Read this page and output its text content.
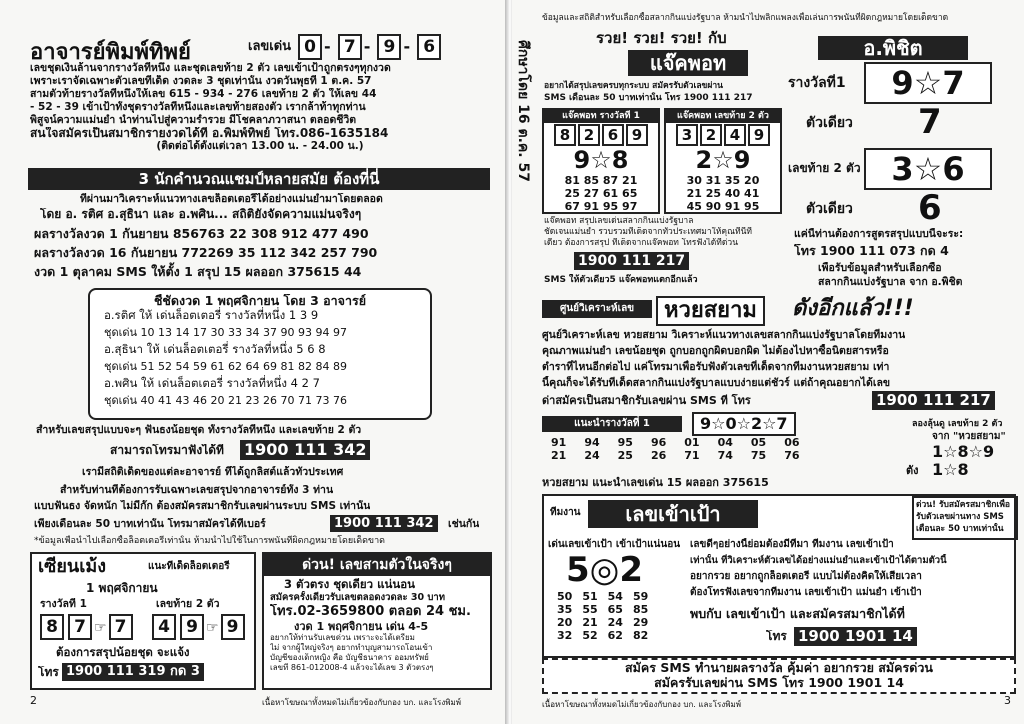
อาจารย์พิมพ์ทิพย์	เลขเด่น 0 - 7 - 9 - 6
เลขชุดเงินล้านจากรางวัลที่หนึ่ง และชุดเลขท้าย 2 ตัว เลขเข้าเป้าถูกตรงๆทุกงวด
เพราะเราจัดเฉพาะตัวเลขที่เด็ด งวดละ 3 ชุดเท่านั้น งวดวันพุธที่ 1 ต.ค. 57
สามตัวท้ายรางวัลที่หนึ่งให้เลข 615 - 934 - 276 เลขท้าย 2 ตัว ให้เลข 44
- 52 - 39 เข้าเป้าทั้งชุดรางวัลที่หนึ่งและเลขท้ายสองตัว เรากล้าท้าทุกท่าน
พิสูจน์ความแม่นยำ นำท่านไปสู่ความร่ำรวย มีโชคลาภวาสนา ตลอดชีวิต
สนใจสมัครเป็นสมาชิกรายงวดได้ที่ อ.พิมพ์ทิพย์ โทร.086-1635184
(ติดต่อได้ตั้งแต่เวลา 13.00 น. - 24.00 น.)
3 นักคำนวณแชมป์หลายสมัย ต้องที่นี่
ที่ผ่านมาวิเคราะห์แนวทางเลขล็อตเตอรี่ได้อย่างแม่นยำมาโดยตลอด
โดย อ. รติศ อ.สุธินา และ อ.พศิน... สถิติยังจัดความแม่นจริงๆ
ผลรางวัลงวด 1 กันยายน 856763 22 308 912 477 490
ผลรางวัลงวด 16 กันยายน 772269 35 112 342 257 790
งวด 1 ตุลาคม SMS ให้ตั้ง 1 สรุป 15 ผลออก 375615 44
ชี้ชัดงวด 1 พฤศจิกายน โดย 3 อาจารย์
อ.รติศ ให้ เด่นล็อตเตอรี่ รางวัลที่หนึ่ง 1 3 9
ชุดเด่น 10 13 14 17 30 33 34 37 90 93 94 97
อ.สุธินา ให้ เด่นล็อตเตอรี่ รางวัลที่หนึ่ง 5 6 8
ชุดเด่น 51 52 54 59 61 62 64 69 81 82 84 89
อ.พศิน ให้ เด่นล็อตเตอรี่ รางวัลที่หนึ่ง 4 2 7
ชุดเด่น 40 41 43 46 20 21 23 26 70 71 73 76
สำหรับเลขสรุปแบบจะๆ ฟันธงน้อยชุด ทั้งรางวัลที่หนึ่ง และเลขท้าย 2 ตัว
สามารถโทรมาฟังได้ที่ 1900 111 342
เรามีสถิติเด็ดของแต่ละอาจารย์ ที่ได้ถูกลิสต์แล้วทั่วประเทศ
สำหรับท่านที่ต้องการรับเฉพาะเลขสรุปจากอาจารย์ทั้ง 3 ท่าน
แบบฟันธง จัดหนัก ไม่มีกั๊ก ต้องสมัครสมาชิกรับเลขผ่านระบบ SMS เท่านั้น
เพียงเดือนละ 50 บาทเท่านั้น โทรมาสมัครได้ที่เบอร์	1900 111 342	เช่นกัน
*ข้อมูลเพื่อนำไปเลือกซื้อล็อตเตอรี่เท่านั้น ห้ามนำไปใช้ในการพนันที่ผิดกฎหมายโดยเด็ดขาด
เซียนเม้ง	แนะทีเด็ดล็อตเตอรี่
1 พฤศจิกายน
รางวัลที่ 1	เลขท้าย 2 ตัว
8 7 ☞ 7	4 9 ☞ 9
ต้องการสรุปน้อยชุด จะแจ้ง
โทร 1900 111 319 กด 3
ด่วน! เลขสามตัวในจริงๆ
3 ตัวตรง ชุดเดียว แน่นอน
สมัครครั้งเดียวรับเลขตลอดงวดละ 30 บาท
โทร.02-3659800 ตลอด 24 ชม.
งวด 1 พฤศจิกายน เด่น 4-5
อยากให้ท่านรับเลขด่วน เพราะจะได้เตรียม
ไม่ จากผู้ใหญ่จริงๆ อยากทำบุญสามารถโอนเข้า
บัญชีของเด็กหญิง คือ บัญชีธนาคาร ออมทรัพย์
เลขที่ 861-012008-4 แล้วจะได้เลข 3 ตัวตรงๆ
2	เนื้อหาโฆษณาทั้งหมดไม่เกี่ยวข้องกับกอง บก. และโรงพิมพ์
ข้อมูลและสถิติสำหรับเลือกซื้อสลากกินแบ่งรัฐบาล ห้ามนำไปพลิกแพลงเพื่อเล่นการพนันที่ผิดกฎหมายโดยเด็ดขาด
ศึกษาโดย 16 ต.ค. 57
รวย! รวย! รวย! กับ
แจ๊คพอท
อยากได้สรุปเลขครบทุกระบบ สมัครรับตัวเลขผ่าน
SMS เดือนละ 50 บาทเท่านั้น โทร 1900 111 217
แจ๊คพอท รางวัลที่ 1
8 2 6 9
9☆8
81 85 87 21
25 27 61 65
67 91 95 97
แจ๊คพอท เลขท้าย 2 ตัว
3 2 4 9
2☆9
30 31 35 20
21 25 40 41
45 90 91 95
แจ๊คพอท สรุปเลขเด่นสลากกินแบ่งรัฐบาล
ชัดเจนแม่นยำ รวบรวมทีเด็ดจากทั่วประเทศมาให้คุณที่นี่ที่
เดียว ต้องการสรุป ทีเด็ดจากแจ๊คพอท โทรฟังได้ที่ด่วน
1900 111 217
SMS ให้ตัวเดียว5 แจ๊คพอทแตกอีกแล้ว
อ.พิชิต
รางวัลที่1	9☆7
ตัวเดียว 7
เลขท้าย 2 ตัว 3☆6
ตัวเดียว 6
แค่นี้ท่านต้องการสูตรสรุปแบบนี้จะระ:
โทร 1900 111 073 กด 4
เพื่อรับข้อมูลสำหรับเลือกซื้อ
สลากกินแบ่งรัฐบาล จาก อ.พิชิต
ศูนย์วิเคราะห์เลข	หวยสยาม	ดังอีกแล้ว!!!
ศูนย์วิเคราะห์เลข หวยสยาม วิเคราะห์แนวทางเลขสลากกินแบ่งรัฐบาลโดยทีมงาน
คุณภาพแม่นยำ เลขน้อยชุด ถูกบอกถูกผิดบอกผิด ไม่ต้องไปหาซื้อนิตยสารหรือ
ตำราที่ไหนอีกต่อไป แค่โทรมาเพื่อรับฟังตัวเลขที่เด็ดจากทีมงานหวยสยาม เท่า
นี้คุณก็จะได้รับทีเด็ดสลากกินแบ่งรัฐบาลแบบง่ายแต่ชัวร์ แต่ถ้าคุณอยากได้เลข
ด่าสมัครเป็นสมาชิกรับเลขผ่าน SMS ที่ โทร	1900 111 217
แนะนำรางวัลที่ 1	9☆0☆2☆7
91	94	95	96	01	04	05	06
21	24	25	26	71	74	75	76
ลองลุ้นดู เลขท้าย 2 ตัว
จาก "หวยสยาม"
1☆8☆9
ตัง 1☆8
หวยสยาม แนะนำเลขเด่น 15 ผลออก 375615
ทีมงาน	เลขเข้าเป้า	ด่วน! รับสมัครสมาชิกเพื่อ
รับตัวเลขผ่านทาง SMS
เดือนละ 50 บาทเท่านั้น
เด่นเลขเข้าเป้า เข้าเป้าแน่นอน
5◎2
50	51	54	59
35	55	65	85
20	21	24	29
32	52	62	82
เลขดีๆอย่างนี้ย่อมต้องมีที่มา ทีมงาน เลขเข้าเป้า
เท่านั้น ที่วิเคราะห์ตัวเลขได้อย่างแม่นยำและเข้าเป้าได้ตามตัวนี้
อยากรวย อยากถูกล็อตเตอรี่ แบบไม่ต้องคิดให้เสียเวลา
ต้องโทรฟังเลขจากทีมงาน เลขเข้าเป้า แม่นยำ เข้าเป้า
พบกับ เลขเข้าเป้า และสมัครสมาชิกได้ที่
โทร 1900 1901 14
สมัคร SMS ทำนายผลรางวัล คุ้มค่า อยากรวย สมัครด่วน
สมัครรับเลขผ่าน SMS โทร 1900 1901 14
เนื้อหาโฆษณาทั้งหมดไม่เกี่ยวข้องกับกอง บก. และโรงพิมพ์	3
